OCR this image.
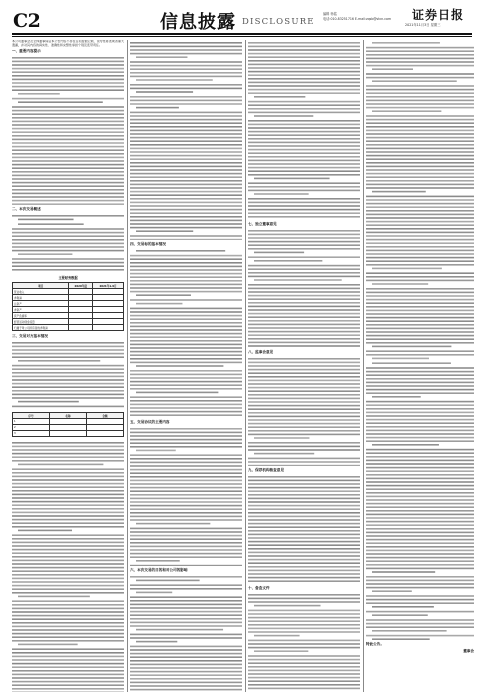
C2	信息披露 DISCLOSURE
编辑 杨铭
电话:010-83251716 E-mail:zqsb@stcn.com 证券日报
2021年11月3日 星期三

本公司董事会及全体董事保证本公告内容不存在任何虚假记载、误导性陈述或者重大遗漏，并对其内容的真实性、准确性和完整性承担个别及连带责任。

一、重要内容提示
二、本次交易概述
主要财务数据
项目	2020年度	2021年1-9月
营业收入		
净利润		
总资产		
净资产		
资产负债率		
经营活动现金流量		
归属于母公司所有者的净利润		
三、交易对方基本情况
序号	名称	金额
1		
2		
3		
四、交易标的基本情况
五、交易协议的主要内容
六、本次交易的目的和对公司的影响
七、独立董事意见
八、监事会意见
九、保荐机构核查意见
十、备查文件
特此公告。
董事会
